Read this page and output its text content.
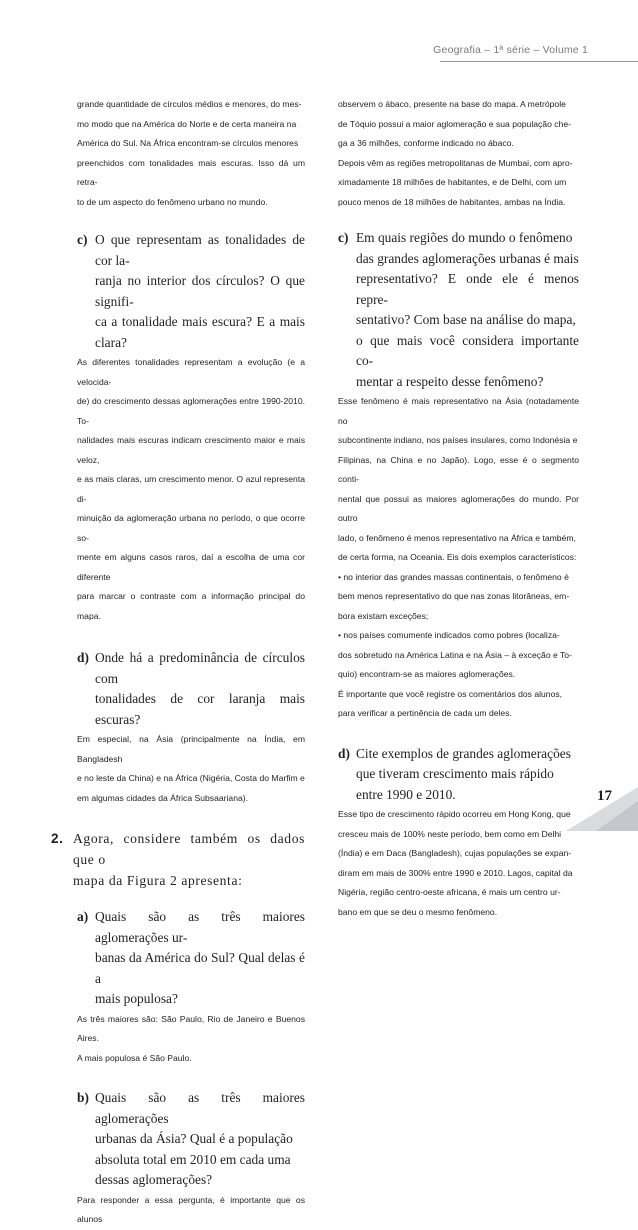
Geografia – 1ª série – Volume 1

grande quantidade de círculos médios e menores, do mes-

mo modo que na América do Norte e de certa maneira na

América do Sul. Na África encontram-se círculos menores

preenchidos com tonalidades mais escuras. Isso dá um retra-

to de um aspecto do fenômeno urbano no mundo.

c) O que representam as tonalidades de cor la-
ranja no interior dos círculos? O que signifi-
ca a tonalidade mais escura? E a mais clara?

As diferentes tonalidades representam a evolução (e a velocida-

de) do crescimento dessas aglomerações entre 1990-2010. To-

nalidades mais escuras indicam crescimento maior e mais veloz,

e as mais claras, um crescimento menor. O azul representa di-

minuição da aglomeração urbana no período, o que ocorre so-

mente em alguns casos raros, daí a escolha de uma cor diferente

para marcar o contraste com a informação principal do mapa.

d) Onde há a predominância de círculos com
tonalidades de cor laranja mais escuras?

Em especial, na Ásia (principalmente na Índia, em Bangladesh

e no leste da China) e na África (Nigéria, Costa do Marfim e

em algumas cidades da África Subsaariana).

2. Agora, considere também os dados que o
mapa da Figura 2 apresenta:
a) Quais são as três maiores aglomerações ur-
banas da América do Sul? Qual delas é a
mais populosa?

As três maiores são: São Paulo, Rio de Janeiro e Buenos Aires.

A mais populosa é São Paulo.

b) Quais são as três maiores aglomerações
urbanas da Ásia? Qual é a população
absoluta total em 2010 em cada uma
dessas aglomerações?

Para responder a essa pergunta, é importante que os alunos

observem o ábaco, presente na base do mapa. A metrópole

de Tóquio possui a maior aglomeração e sua população che-

ga a 36 milhões, conforme indicado no ábaco.

Depois vêm as regiões metropolitanas de Mumbai, com apro-

ximadamente 18 milhões de habitantes, e de Delhi, com um

pouco menos de 18 milhões de habitantes, ambas na Índia.

c) Em quais regiões do mundo o fenômeno
das grandes aglomerações urbanas é mais
representativo? E onde ele é menos repre-
sentativo? Com base na análise do mapa,
o que mais você considera importante co-
mentar a respeito desse fenômeno?

Esse fenômeno é mais representativo na Ásia (notadamente no

subcontinente indiano, nos países insulares, como Indonésia e

Filipinas, na China e no Japão). Logo, esse é o segmento conti-

nental que possui as maiores aglomerações do mundo. Por outro

lado, o fenômeno é menos representativo na África e também,

de certa forma, na Oceania. Eis dois exemplos característicos:

• no interior das grandes massas continentais, o fenômeno é

bem menos representativo do que nas zonas litorâneas, em-

bora existam exceções;

• nos países comumente indicados como pobres (localiza-

dos sobretudo na América Latina e na Ásia – à exceção e To-

quio) encontram-se as maiores aglomerações.

É importante que você registre os comentários dos alunos,

para verificar a pertinência de cada um deles.

d) Cite exemplos de grandes aglomerações
que tiveram crescimento mais rápido
entre 1990 e 2010.

Esse tipo de crescimento rápido ocorreu em Hong Kong, que

cresceu mais de 100% neste período, bem como em Delhi

(Índia) e em Daca (Bangladesh), cujas populações se expan-

diram em mais de 300% entre 1990 e 2010. Lagos, capital da

Nigéria, região centro-oeste africana, é mais um centro ur-

bano em que se deu o mesmo fenômeno.

17
